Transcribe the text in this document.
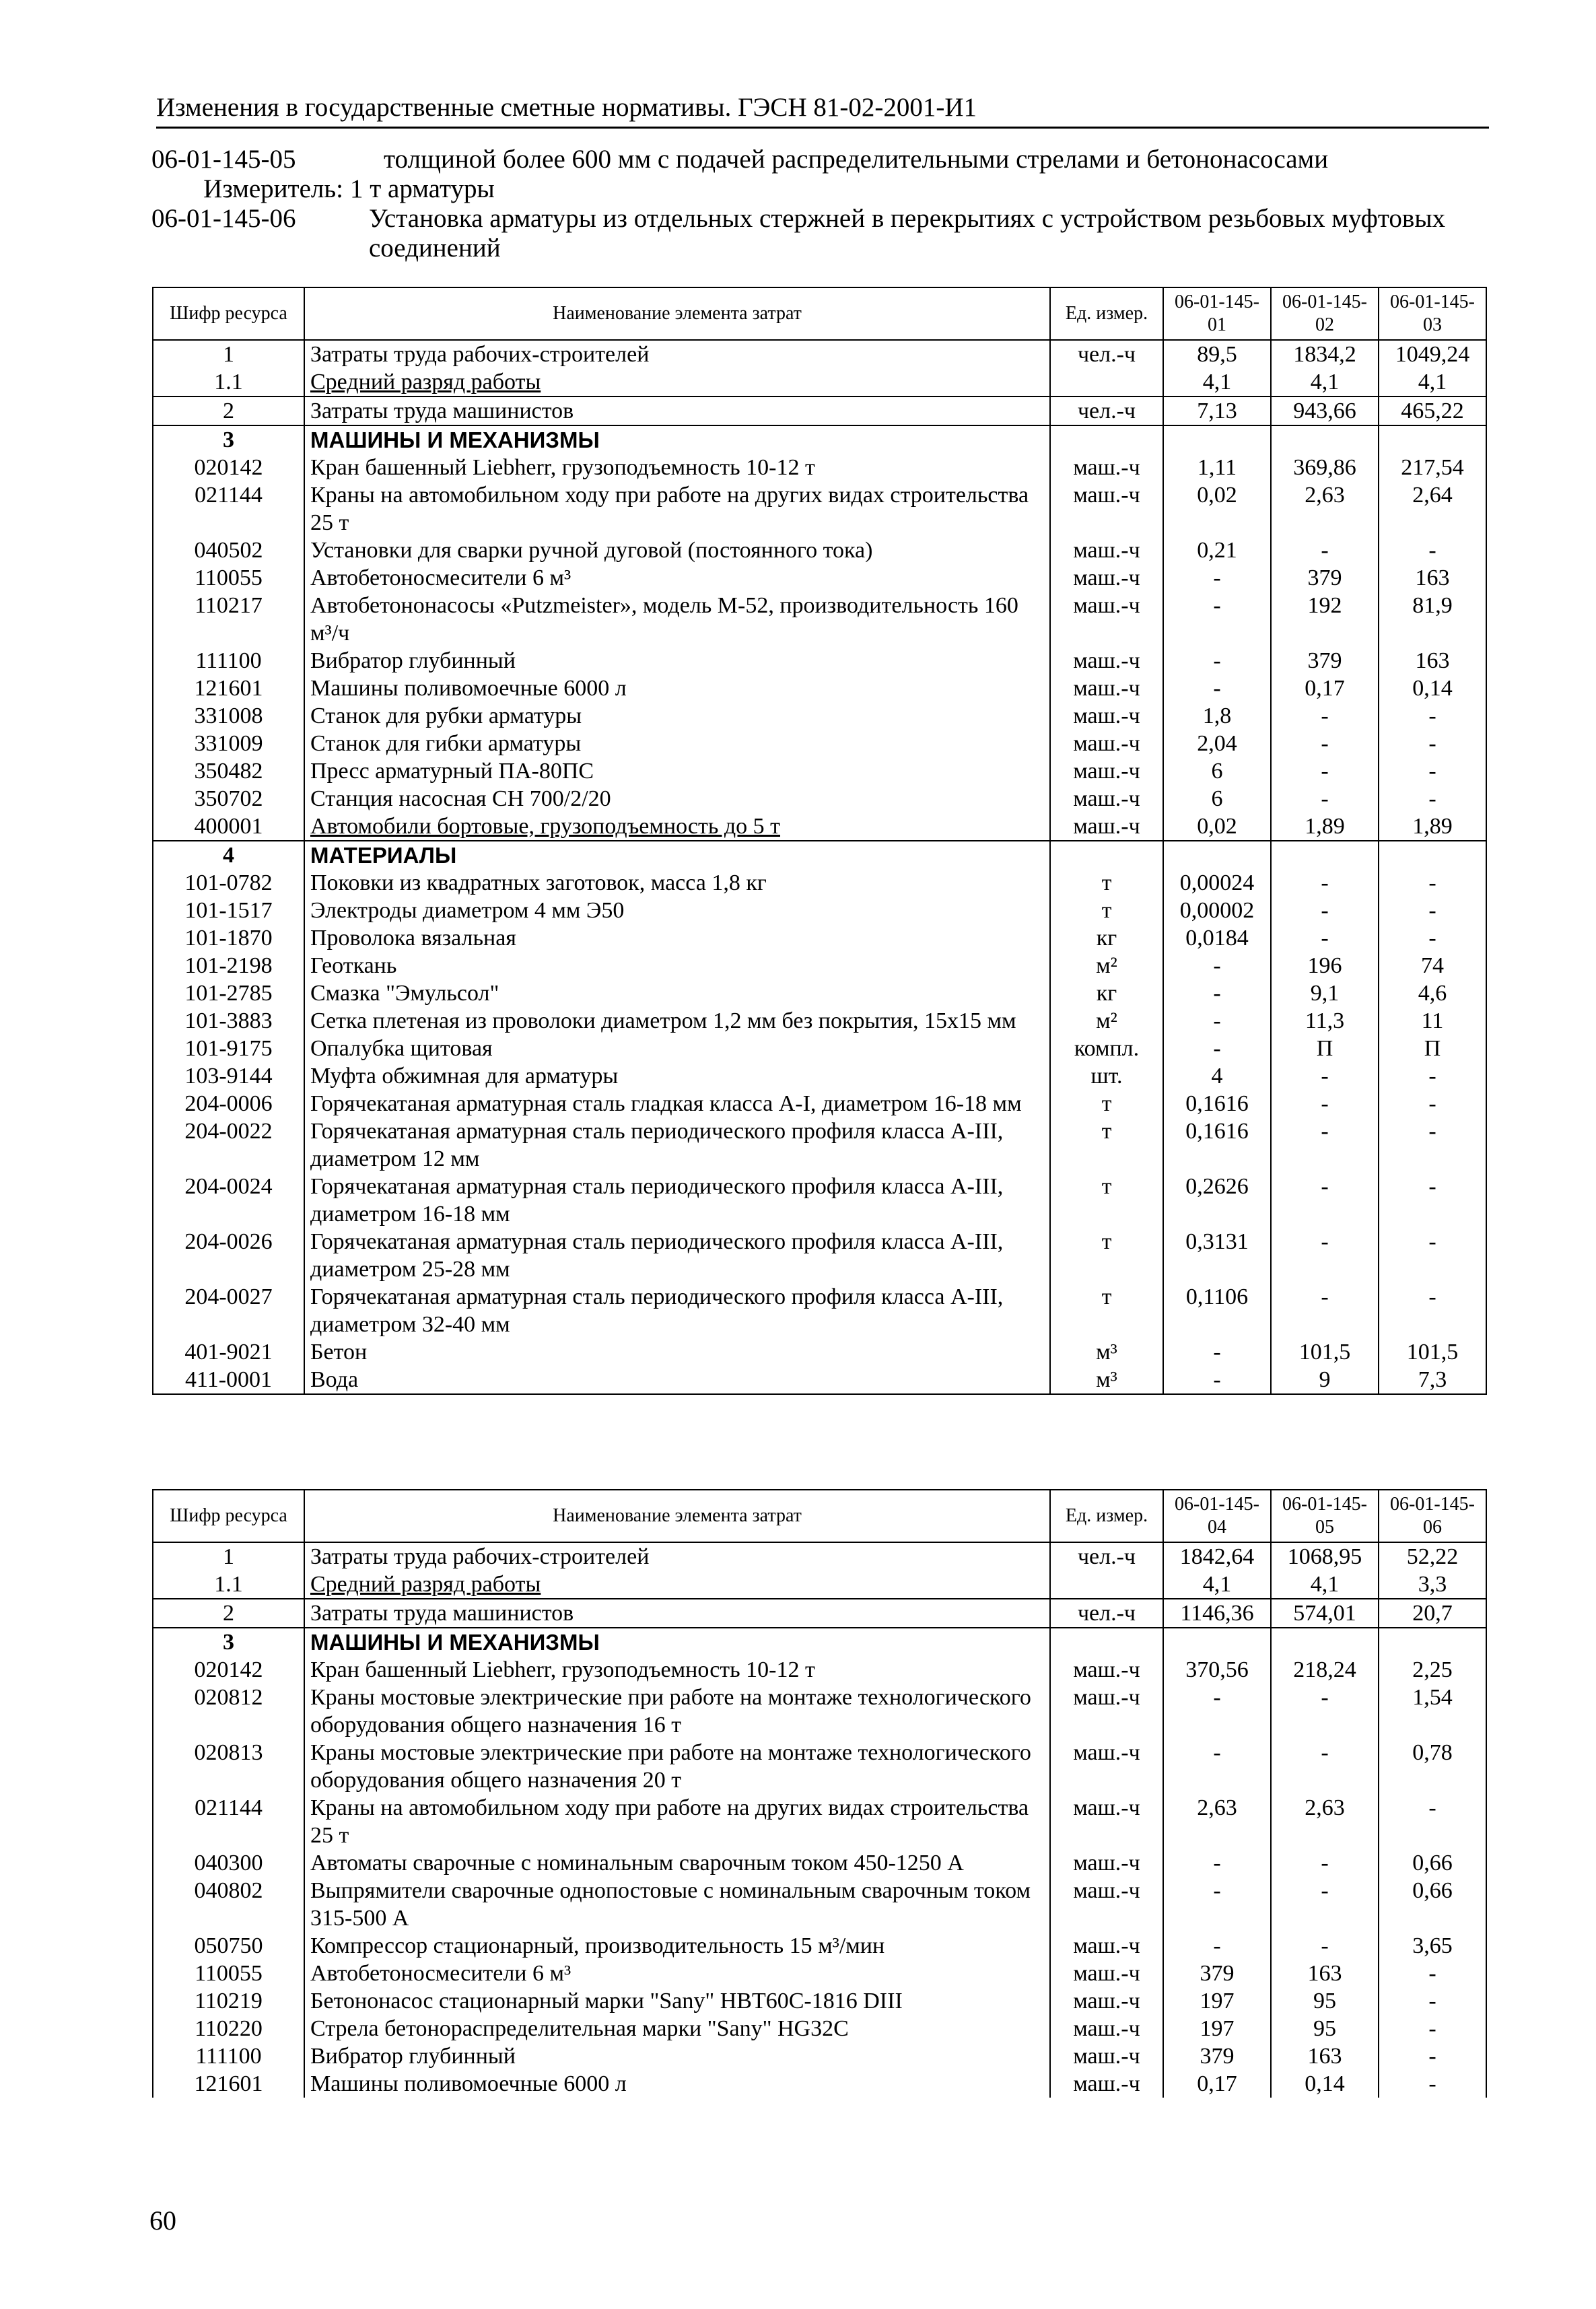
Изменения в государственные сметные нормативы. ГЭСН 81-02-2001-И1
06-01-145-05	толщиной более 600 мм с подачей распределительными стрелами и бетононасосами
Измеритель: 1 т арматуры
06-01-145-06	Установка арматуры из отдельных стержней в перекрытиях с устройством резьбовых муфтовых соединений
Шифр ресурса	Наименование элемента затрат	Ед. измер.	06-01-145-01	06-01-145-02	06-01-145-03
1	Затраты труда рабочих-строителей	чел.-ч	89,5	1834,2	1049,24
1.1	Средний разряд работы		4,1	4,1	4,1
2	Затраты труда машинистов	чел.-ч	7,13	943,66	465,22
3	МАШИНЫ И МЕХАНИЗМЫ				
020142	Кран башенный Liebherr, грузоподъемность 10-12 т	маш.-ч	1,11	369,86	217,54
021144	Краны на автомобильном ходу при работе на других видах строительства 25 т	маш.-ч	0,02	2,63	2,64
040502	Установки для сварки ручной дуговой (постоянного тока)	маш.-ч	0,21	-	-
110055	Автобетоносмесители 6 м³	маш.-ч	-	379	163
110217	Автобетононасосы «Putzmeister», модель М-52, производительность 160 м³/ч	маш.-ч	-	192	81,9
111100	Вибратор глубинный	маш.-ч	-	379	163
121601	Машины поливомоечные 6000 л	маш.-ч	-	0,17	0,14
331008	Станок для рубки арматуры	маш.-ч	1,8	-	-
331009	Станок для гибки арматуры	маш.-ч	2,04	-	-
350482	Пресс арматурный ПА-80ПС	маш.-ч	6	-	-
350702	Станция насосная СН 700/2/20	маш.-ч	6	-	-
400001	Автомобили бортовые, грузоподъемность до 5 т	маш.-ч	0,02	1,89	1,89
4	МАТЕРИАЛЫ				
101-0782	Поковки из квадратных заготовок, масса 1,8 кг	т	0,00024	-	-
101-1517	Электроды диаметром 4 мм Э50	т	0,00002	-	-
101-1870	Проволока вязальная	кг	0,0184	-	-
101-2198	Геоткань	м²	-	196	74
101-2785	Смазка "Эмульсол"	кг	-	9,1	4,6
101-3883	Сетка плетеная из проволоки диаметром 1,2 мм без покрытия, 15х15 мм	м²	-	11,3	11
101-9175	Опалубка щитовая	компл.	-	П	П
103-9144	Муфта обжимная для арматуры	шт.	4	-	-
204-0006	Горячекатаная арматурная сталь гладкая класса A-I, диаметром 16-18 мм	т	0,1616	-	-
204-0022	Горячекатаная арматурная сталь периодического профиля класса A-III, диаметром 12 мм	т	0,1616	-	-
204-0024	Горячекатаная арматурная сталь периодического профиля класса A-III, диаметром 16-18 мм	т	0,2626	-	-
204-0026	Горячекатаная арматурная сталь периодического профиля класса A-III, диаметром 25-28 мм	т	0,3131	-	-
204-0027	Горячекатаная арматурная сталь периодического профиля класса A-III, диаметром 32-40 мм	т	0,1106	-	-
401-9021	Бетон	м³	-	101,5	101,5
411-0001	Вода	м³	-	9	7,3
Шифр ресурса	Наименование элемента затрат	Ед. измер.	06-01-145-04	06-01-145-05	06-01-145-06
1	Затраты труда рабочих-строителей	чел.-ч	1842,64	1068,95	52,22
1.1	Средний разряд работы		4,1	4,1	3,3
2	Затраты труда машинистов	чел.-ч	1146,36	574,01	20,7
3	МАШИНЫ И МЕХАНИЗМЫ				
020142	Кран башенный Liebherr, грузоподъемность 10-12 т	маш.-ч	370,56	218,24	2,25
020812	Краны мостовые электрические при работе на монтаже технологического оборудования общего назначения 16 т	маш.-ч	-	-	1,54
020813	Краны мостовые электрические при работе на монтаже технологического оборудования общего назначения 20 т	маш.-ч	-	-	0,78
021144	Краны на автомобильном ходу при работе на других видах строительства 25 т	маш.-ч	2,63	2,63	-
040300	Автоматы сварочные с номинальным сварочным током 450-1250 А	маш.-ч	-	-	0,66
040802	Выпрямители сварочные однопостовые с номинальным сварочным током 315-500 А	маш.-ч	-	-	0,66
050750	Компрессор стационарный, производительность 15 м³/мин	маш.-ч	-	-	3,65
110055	Автобетоносмесители 6 м³	маш.-ч	379	163	-
110219	Бетононасос стационарный марки "Sany" HBT60C-1816 DIII	маш.-ч	197	95	-
110220	Стрела бетонораспределительная марки "Sany" HG32C	маш.-ч	197	95	-
111100	Вибратор глубинный	маш.-ч	379	163	-
121601	Машины поливомоечные 6000 л	маш.-ч	0,17	0,14	-
60
